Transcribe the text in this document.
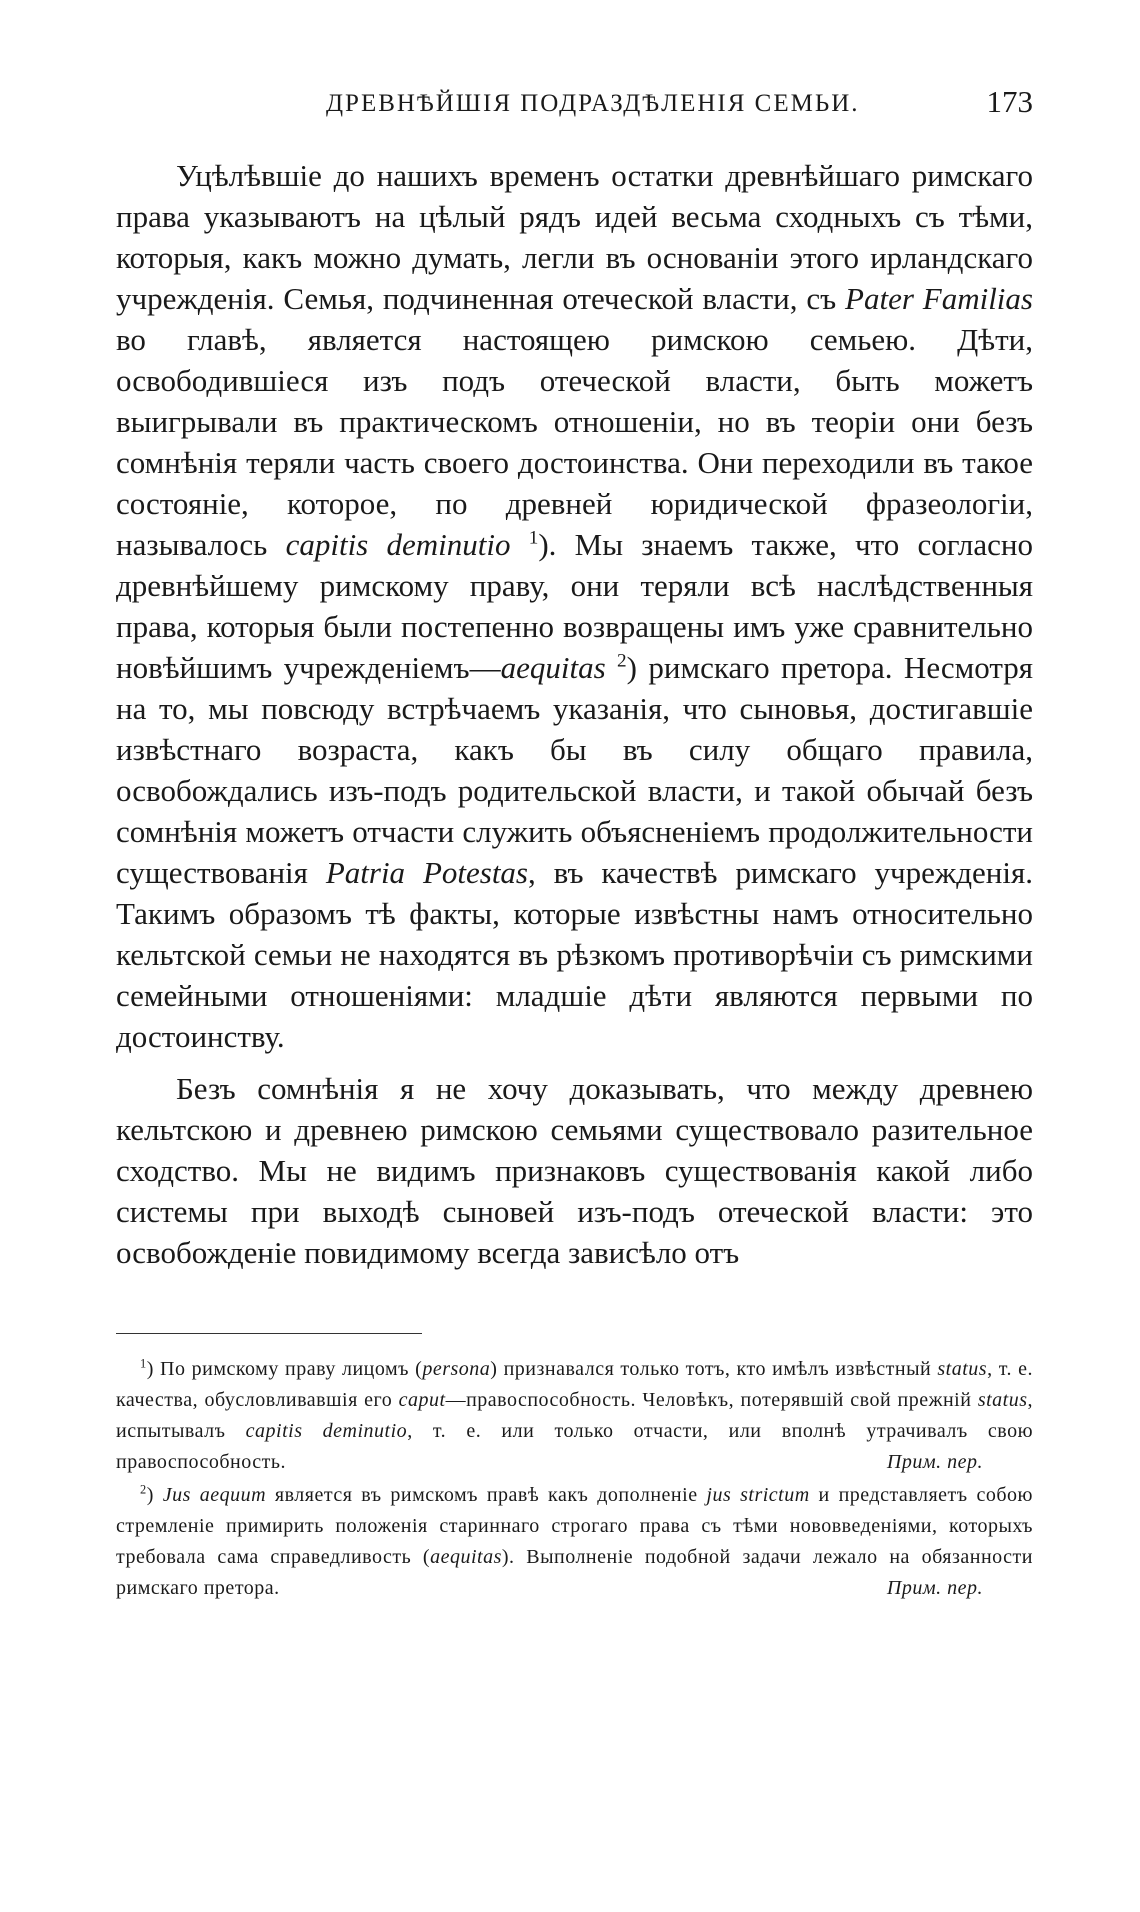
ДРЕВНѢЙШІЯ ПОДРАЗДѢЛЕНІЯ СЕМЬИ.	173

Уцѣлѣвшіе до нашихъ временъ остатки древнѣйшаго римскаго права указываютъ на цѣлый рядъ идей весьма сходныхъ съ тѣми, которыя, какъ можно думать, легли въ основаніи этого ирландскаго учрежденія. Семья, подчиненная отеческой власти, съ Pater Familias во главѣ, является настоящею римскою семьею. Дѣти, освободившіеся изъ подъ отеческой власти, быть можетъ выигрывали въ практическомъ отношеніи, но въ теоріи они безъ сомнѣнія теряли часть своего достоинства. Они переходили въ такое состояніе, которое, по древней юридической фразеологіи, называлось capitis deminutio $^1$). Мы знаемъ также, что согласно древнѣйшему римскому праву, они теряли всѣ наслѣдственныя права, которыя были постепенно возвращены имъ уже сравнительно новѣйшимъ учрежденіемъ—aequitas $^2$) римскаго претора. Несмотря на то, мы повсюду встрѣчаемъ указанія, что сыновья, достигавшіе извѣстнаго возраста, какъ бы въ силу общаго правила, освобождались изъ-подъ родительской власти, и такой обычай безъ сомнѣнія можетъ отчасти служить объясненіемъ продолжительности существованія Patria Potestas, въ качествѣ римскаго учрежденія. Такимъ образомъ тѣ факты, которые извѣстны намъ относительно кельтской семьи не находятся въ рѣзкомъ противорѣчіи съ римскими семейными отношеніями: младшіе дѣти являются первыми по достоинству.

Безъ сомнѣнія я не хочу доказывать, что между древнею кельтскою и древнею римскою семьями существовало разительное сходство. Мы не видимъ признаковъ существованія какой либо системы при выходѣ сыновей изъ-подъ отеческой власти: это освобожденіе повидимому всегда зависѣло отъ

$^1$) По римскому праву лицомъ (persona) признавался только тотъ, кто имѣлъ извѣстный status, т. е. качества, обусловливавшія его caput—правоспособность. Человѣкъ, потерявшій свой прежній status, испытывалъ capitis deminutio, т. е. или только отчасти, или вполнѣ утрачивалъ свою правоспособность.	Прим. пер.

$^2$) Jus aequum является въ римскомъ правѣ какъ дополненіе jus strictum и представляетъ собою стремленіе примирить положенія стариннаго строгаго права съ тѣми нововведеніями, которыхъ требовала сама справедливость (aequitas). Выполненіе подобной задачи лежало на обязанности римскаго претора.	Прим. пер.
